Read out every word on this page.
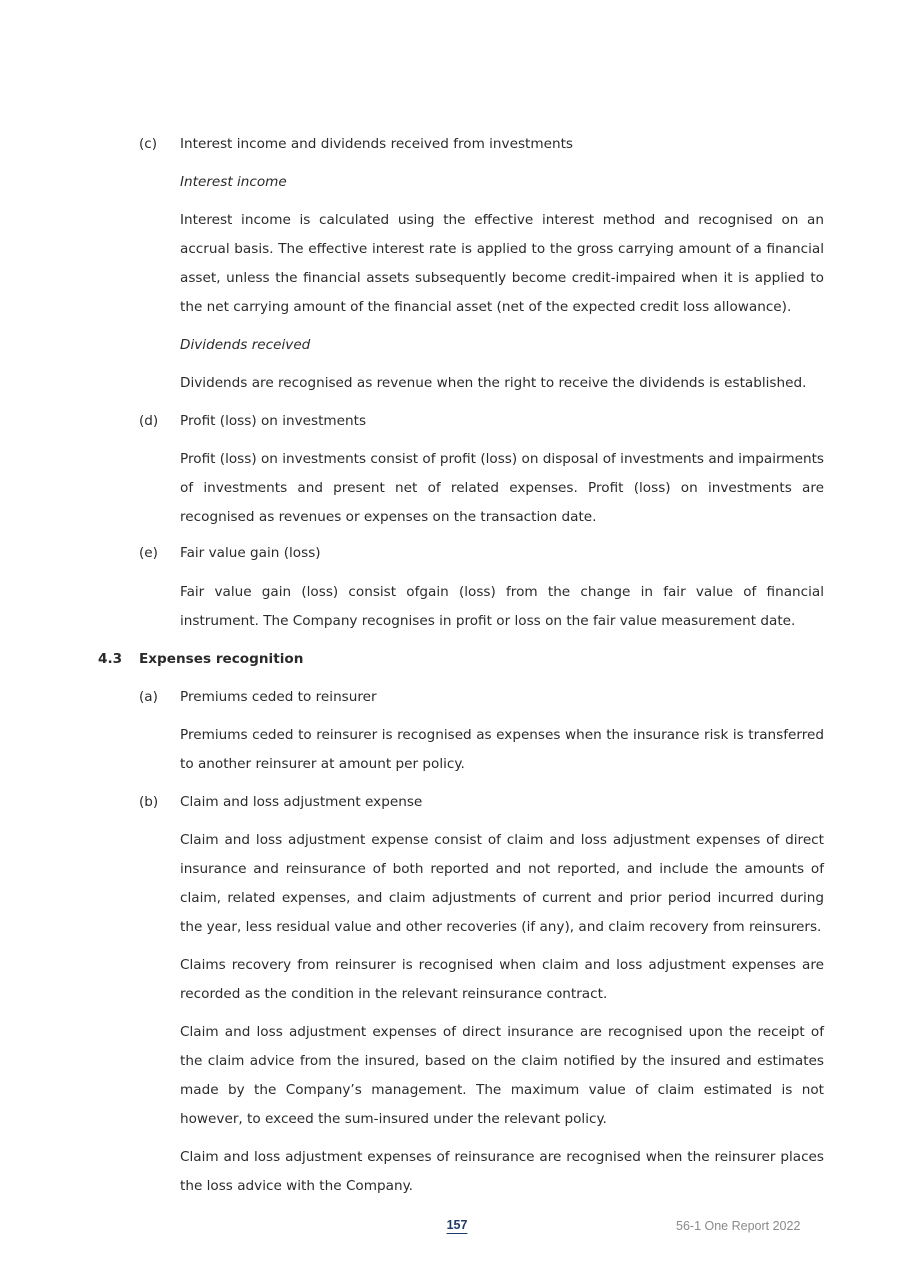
(c) Interest income and dividends received from investments
Interest income
Interest income is calculated using the effective interest method and recognised on an accrual basis. The effective interest rate is applied to the gross carrying amount of a financial asset, unless the financial assets subsequently become credit-impaired when it is applied to the net carrying amount of the financial asset (net of the expected credit loss allowance).
Dividends received
Dividends are recognised as revenue when the right to receive the dividends is established.
(d) Profit (loss) on investments
Profit (loss) on investments consist of profit (loss) on disposal of investments and impairments of investments and present net of related expenses. Profit (loss) on investments are recognised as revenues or expenses on the transaction date.
(e) Fair value gain (loss)
Fair value gain (loss) consist ofgain (loss) from the change in fair value of financial instrument. The Company recognises in profit or loss on the fair value measurement date.
4.3 Expenses recognition
(a) Premiums ceded to reinsurer
Premiums ceded to reinsurer is recognised as expenses when the insurance risk is transferred to another reinsurer at amount per policy.
(b) Claim and loss adjustment expense
Claim and loss adjustment expense consist of claim and loss adjustment expenses of direct insurance and reinsurance of both reported and not reported, and include the amounts of claim, related expenses, and claim adjustments of current and prior period incurred during the year, less residual value and other recoveries (if any), and claim recovery from reinsurers.
Claims recovery from reinsurer is recognised when claim and loss adjustment expenses are recorded as the condition in the relevant reinsurance contract.
Claim and loss adjustment expenses of direct insurance are recognised upon the receipt of the claim advice from the insured, based on the claim notified by the insured and estimates made by the Company’s management. The maximum value of claim estimated is not however, to exceed the sum-insured under the relevant policy.
Claim and loss adjustment expenses of reinsurance are recognised when the reinsurer places the loss advice with the Company.
157	56-1 One Report 2022
